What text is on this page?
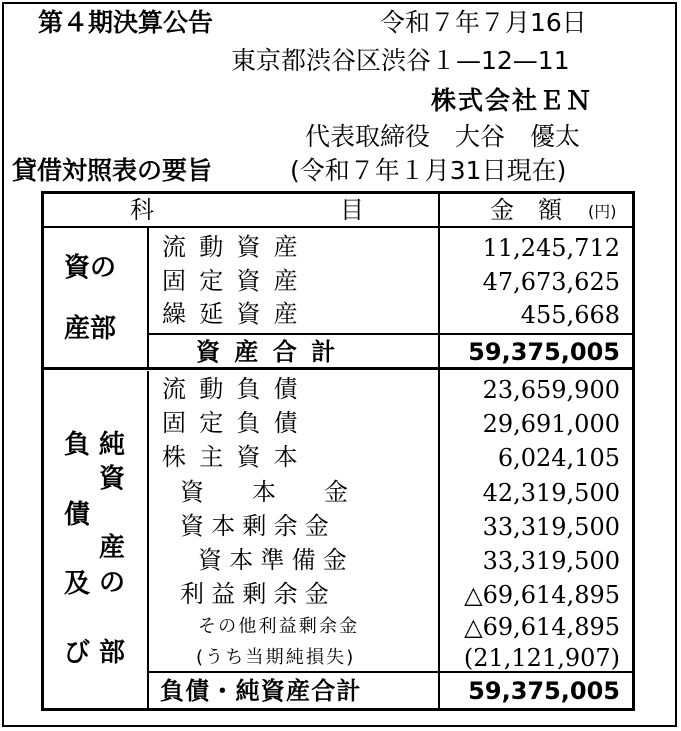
第４期決算公告	令和７年７月16日
東京都渋谷区渋谷１—12—11
株式会社ＥＮ
代表取締役　大谷　優太
貸借対照表の要旨	(令和７年１月31日現在)
科	目	金　額 (円)
資の
産部
流動資産	11,245,712
固定資産	47,673,625
繰延資産	455,668
資産合計	59,375,005
負
債
及
び
純
資
産
の
部
流動負債	23,659,900
固定負債	29,691,000
株主資本	6,024,105
資　　本　　金	42,319,500
資本剰余金	33,319,500
資本準備金	33,319,500
利益剰余金	△69,614,895
その他利益剰余金	△69,614,895
(うち当期純損失)	(21,121,907)
負債・純資産合計	59,375,005
